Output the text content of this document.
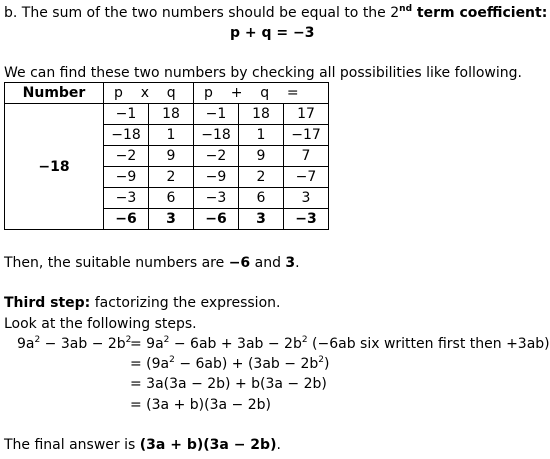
b. The sum of the two numbers should be equal to the 2nd term coefficient:
p + q = −3
We can find these two numbers by checking all possibilities like following.
Number	p    x    q		p    +    q    =		
−18	−1	18	−1	18	17
	−18	1	−18	1	−17
	−2	9	−2	9	7
	−9	2	−9	2	−7
	−3	6	−3	6	3
	−6	3	−6	3	−3
Then, the suitable numbers are −6 and 3.
Third step: factorizing the expression.
Look at the following steps.
$9a^2 - 3ab - 2b^2$
= $9a^2 - 6ab + 3ab - 2b^2$ (−6ab six written first then +3ab)
= $(9a^2 - 6ab) + (3ab - 2b^2)$
= 3a(3a − 2b) + b(3a − 2b)
= (3a + b)(3a − 2b)
The final answer is (3a + b)(3a − 2b).
